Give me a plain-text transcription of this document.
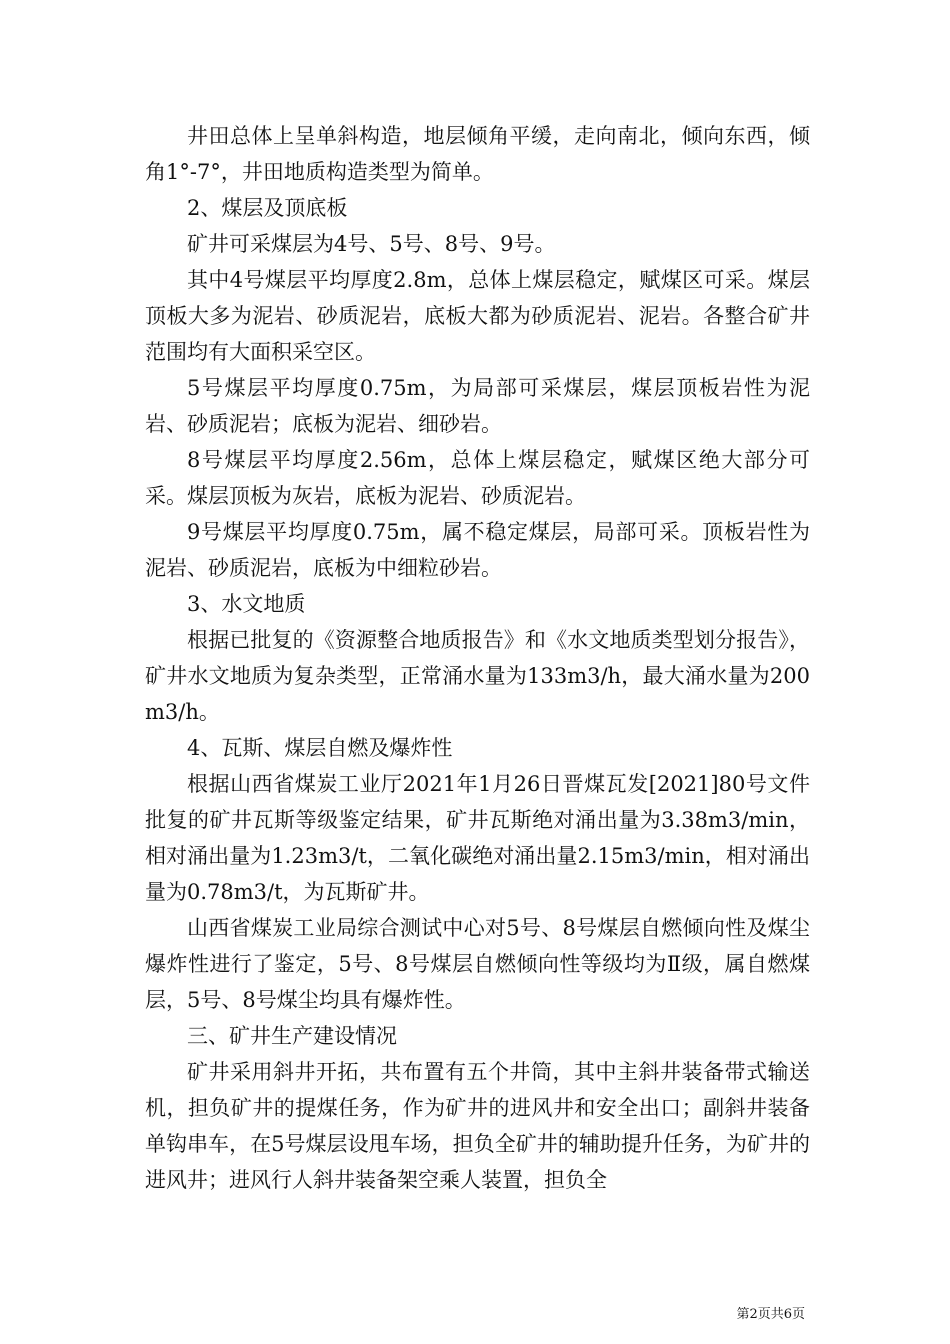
井田总体上呈单斜构造，地层倾角平缓，走向南北，倾向东西，倾角1°-7°，井田地质构造类型为简单。

2、煤层及顶底板

矿井可采煤层为4号、5号、8号、9号。

其中4号煤层平均厚度2.8m，总体上煤层稳定，赋煤区可采。煤层顶板大多为泥岩、砂质泥岩，底板大都为砂质泥岩、泥岩。各整合矿井范围均有大面积采空区。

5号煤层平均厚度0.75m，为局部可采煤层，煤层顶板岩性为泥岩、砂质泥岩；底板为泥岩、细砂岩。

8号煤层平均厚度2.56m，总体上煤层稳定，赋煤区绝大部分可采。煤层顶板为灰岩，底板为泥岩、砂质泥岩。

9号煤层平均厚度0.75m，属不稳定煤层，局部可采。顶板岩性为泥岩、砂质泥岩，底板为中细粒砂岩。

3、水文地质

根据已批复的《资源整合地质报告》和《水文地质类型划分报告》，矿井水文地质为复杂类型，正常涌水量为133m3/h，最大涌水量为200m3/h。

4、瓦斯、煤层自燃及爆炸性

根据山西省煤炭工业厅2021年1月26日晋煤瓦发[2021]80号文件批复的矿井瓦斯等级鉴定结果，矿井瓦斯绝对涌出量为3.38m3/min，相对涌出量为1.23m3/t，二氧化碳绝对涌出量2.15m3/min，相对涌出量为0.78m3/t，为瓦斯矿井。

山西省煤炭工业局综合测试中心对5号、8号煤层自燃倾向性及煤尘爆炸性进行了鉴定，5号、8号煤层自燃倾向性等级均为Ⅱ级，属自燃煤层，5号、8号煤尘均具有爆炸性。

三、矿井生产建设情况

矿井采用斜井开拓，共布置有五个井筒，其中主斜井装备带式输送机，担负矿井的提煤任务，作为矿井的进风井和安全出口；副斜井装备单钩串车，在5号煤层设甩车场，担负全矿井的辅助提升任务，为矿井的进风井；进风行人斜井装备架空乘人装置，担负全

第2页共6页
